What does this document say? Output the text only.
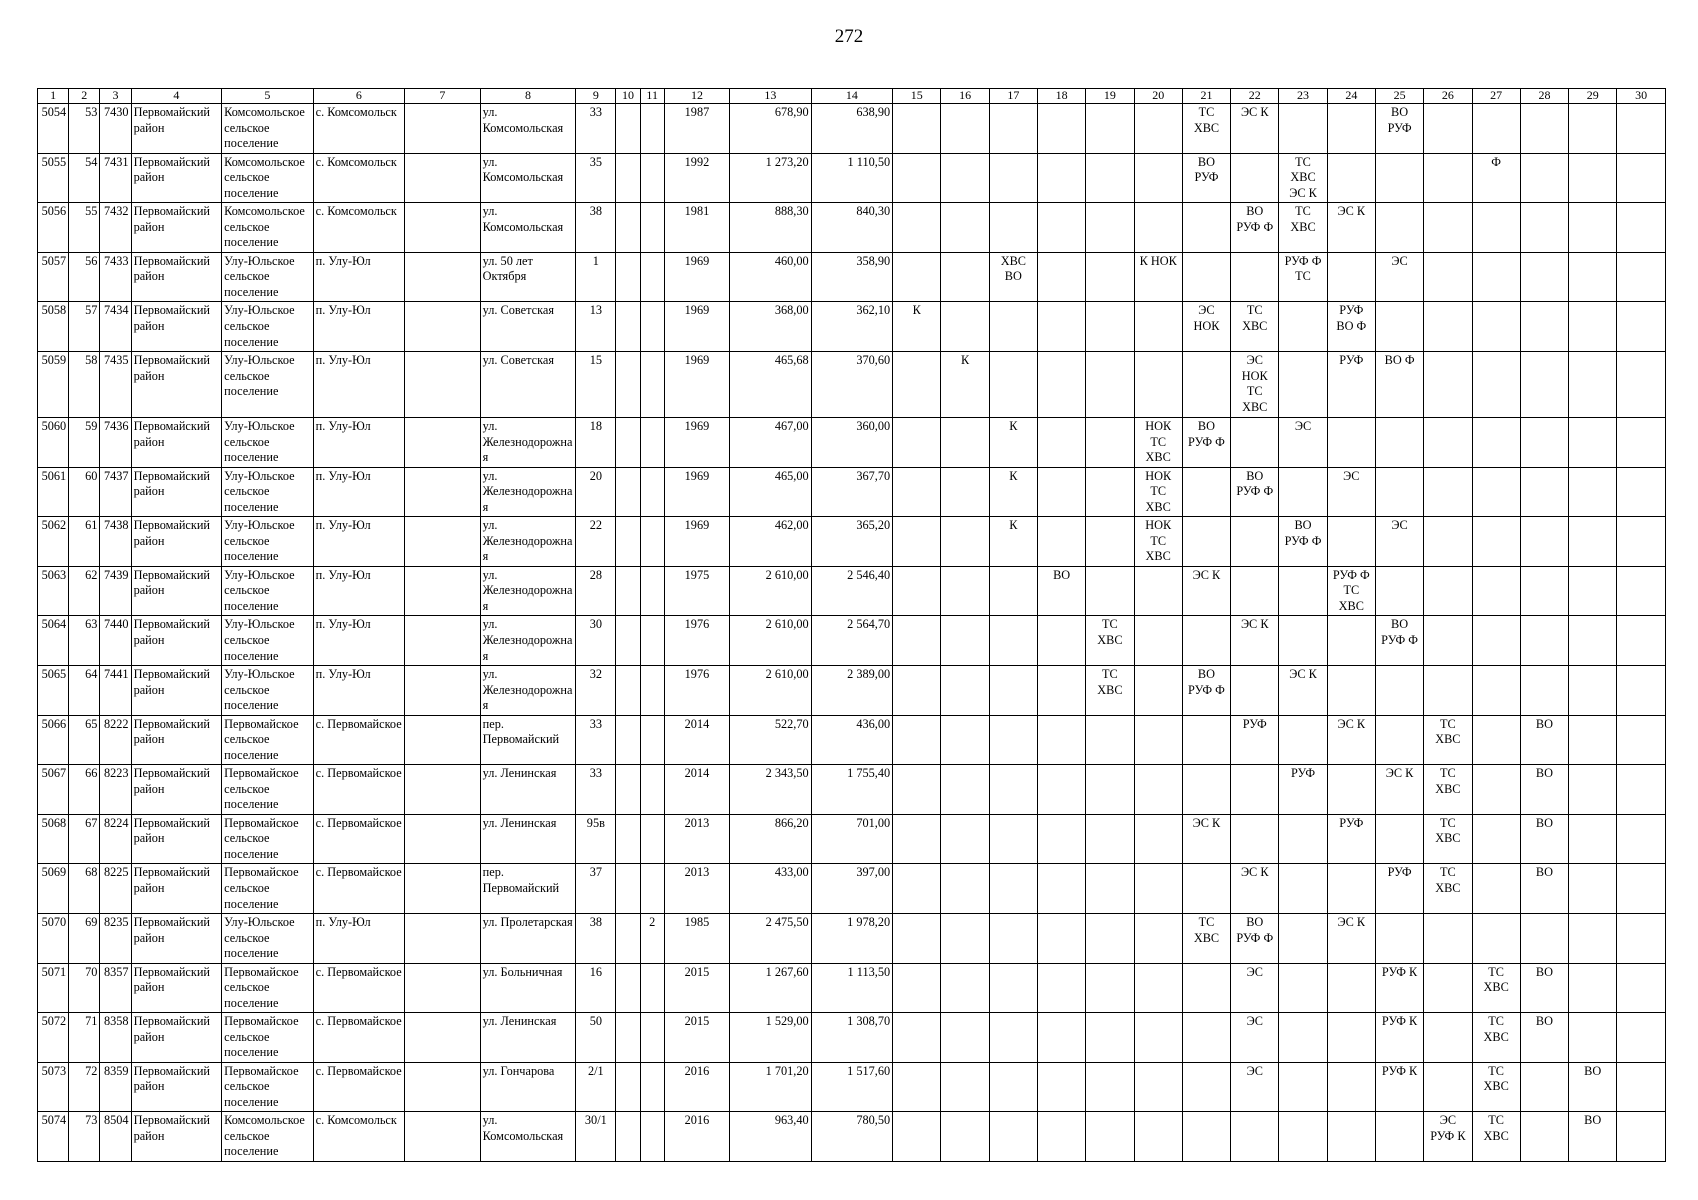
272
1	2	3	4	5	6	7	8	9	10	11	12	13	14	15	16	17	18	19	20	21	22	23	24	25	26	27	28	29	30
5054	53	7430	Первомайский район	Комсомольское сельское поселение	с. Комсомольск		ул. Комсомольская	33			1987	678,90	638,90							ТС
ХВС	ЭС К			ВО
РУФ					
5055	54	7431	Первомайский район	Комсомольское сельское поселение	с. Комсомольск		ул. Комсомольская	35			1992	1 273,20	1 110,50							ВО
РУФ		ТС
ХВС
ЭС К				Ф			
5056	55	7432	Первомайский район	Комсомольское сельское поселение	с. Комсомольск		ул. Комсомольская	38			1981	888,30	840,30								ВО
РУФ Ф	ТС
ХВС	ЭС К						
5057	56	7433	Первомайский район	Улу-Юльское сельское поселение	п. Улу-Юл		ул. 50 лет Октября	1			1969	460,00	358,90			ХВС
ВО			К НОК			РУФ Ф
ТС		ЭС					
5058	57	7434	Первомайский район	Улу-Юльское сельское поселение	п. Улу-Юл		ул. Советская	13			1969	368,00	362,10	К						ЭС
НОК	ТС
ХВС		РУФ
ВО Ф						
5059	58	7435	Первомайский район	Улу-Юльское сельское поселение	п. Улу-Юл		ул. Советская	15			1969	465,68	370,60		К						ЭС
НОК
ТС
ХВС		РУФ	ВО Ф					
5060	59	7436	Первомайский район	Улу-Юльское сельское поселение	п. Улу-Юл		ул. Железнодорожная	18			1969	467,00	360,00			К			НОК
ТС
ХВС	ВО
РУФ Ф		ЭС							
5061	60	7437	Первомайский район	Улу-Юльское сельское поселение	п. Улу-Юл		ул. Железнодорожная	20			1969	465,00	367,70			К			НОК
ТС
ХВС		ВО
РУФ Ф		ЭС						
5062	61	7438	Первомайский район	Улу-Юльское сельское поселение	п. Улу-Юл		ул. Железнодорожная	22			1969	462,00	365,20			К			НОК
ТС
ХВС			ВО
РУФ Ф		ЭС					
5063	62	7439	Первомайский район	Улу-Юльское сельское поселение	п. Улу-Юл		ул. Железнодорожная	28			1975	2 610,00	2 546,40				ВО			ЭС К			РУФ Ф
ТС
ХВС						
5064	63	7440	Первомайский район	Улу-Юльское сельское поселение	п. Улу-Юл		ул. Железнодорожная	30			1976	2 610,00	2 564,70					ТС
ХВС			ЭС К			ВО
РУФ Ф					
5065	64	7441	Первомайский район	Улу-Юльское сельское поселение	п. Улу-Юл		ул. Железнодорожная	32			1976	2 610,00	2 389,00					ТС
ХВС		ВО
РУФ Ф		ЭС К							
5066	65	8222	Первомайский район	Первомайское сельское поселение	с. Первомайское		пер. Первомайский	33			2014	522,70	436,00								РУФ		ЭС К		ТС
ХВС		ВО		
5067	66	8223	Первомайский район	Первомайское сельское поселение	с. Первомайское		ул. Ленинская	33			2014	2 343,50	1 755,40									РУФ		ЭС К	ТС
ХВС		ВО		
5068	67	8224	Первомайский район	Первомайское сельское поселение	с. Первомайское		ул. Ленинская	95в			2013	866,20	701,00							ЭС К			РУФ		ТС
ХВС		ВО		
5069	68	8225	Первомайский район	Первомайское сельское поселение	с. Первомайское		пер. Первомайский	37			2013	433,00	397,00								ЭС К			РУФ	ТС
ХВС		ВО		
5070	69	8235	Первомайский район	Улу-Юльское сельское поселение	п. Улу-Юл		ул. Пролетарская	38		2	1985	2 475,50	1 978,20							ТС
ХВС	ВО
РУФ Ф		ЭС К						
5071	70	8357	Первомайский район	Первомайское сельское поселение	с. Первомайское		ул. Больничная	16			2015	1 267,60	1 113,50								ЭС			РУФ К		ТС
ХВС	ВО		
5072	71	8358	Первомайский район	Первомайское сельское поселение	с. Первомайское		ул. Ленинская	50			2015	1 529,00	1 308,70								ЭС			РУФ К		ТС
ХВС	ВО		
5073	72	8359	Первомайский район	Первомайское сельское поселение	с. Первомайское		ул. Гончарова	2/1			2016	1 701,20	1 517,60								ЭС			РУФ К		ТС
ХВС		ВО	
5074	73	8504	Первомайский район	Комсомольское сельское поселение	с. Комсомольск		ул. Комсомольская	30/1			2016	963,40	780,50												ЭС
РУФ К	ТС
ХВС		ВО	
